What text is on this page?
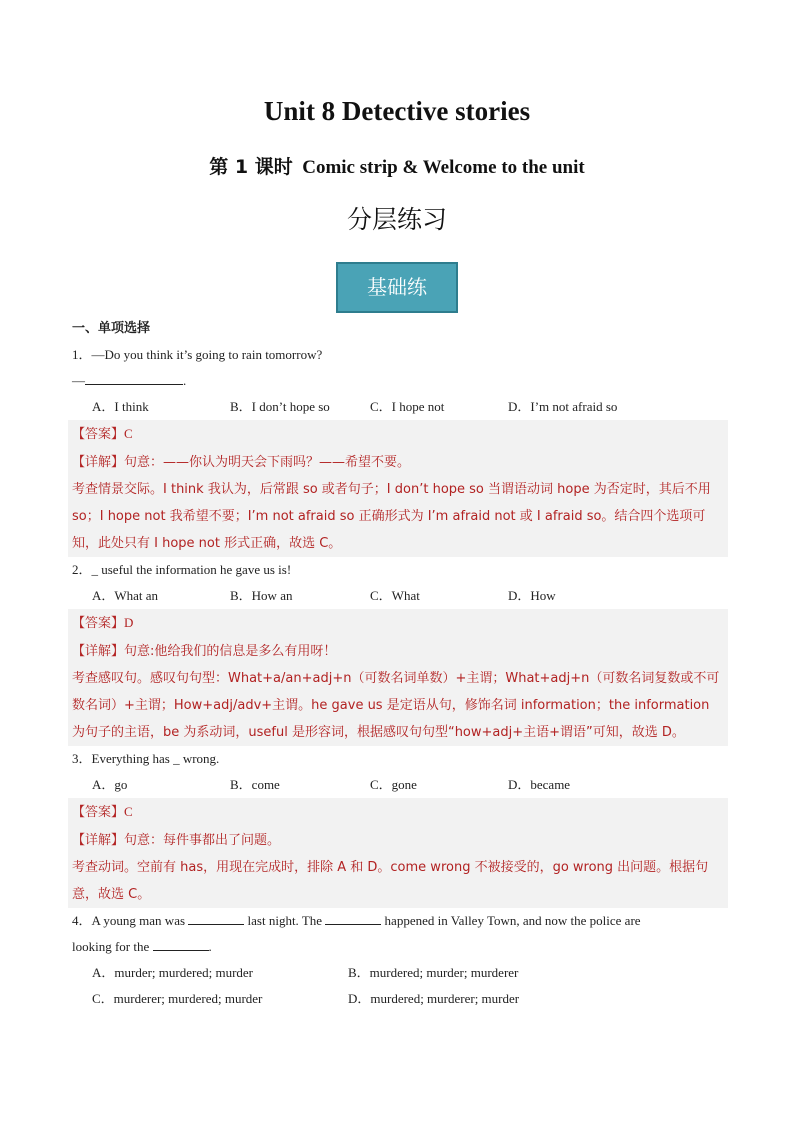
Unit 8 Detective stories
第 1 课时 Comic strip & Welcome to the unit
分层练习
基础练
一、单项选择
1．—Do you think it’s going to rain tomorrow?
—	.
A．I think	B．I don’t hope so	C．I hope not	D．I’m not afraid so
【答案】C
【详解】句意：——你认为明天会下雨吗？——希望不要。
考查情景交际。I think 我认为，后常跟 so 或者句子；I don’t hope so 当谓语动词 hope 为否定时，其后不用 so；I hope not 我希望不要；I’m not afraid so 正确形式为 I’m afraid not 或 I afraid so。结合四个选项可知，此处只有 I hope not 形式正确，故选 C。
2．_ useful the information he gave us is!
A．What an	B．How an	C．What	D．How
【答案】D
【详解】句意:他给我们的信息是多么有用呀！
考查感叹句。感叹句句型：What+a/an+adj+n（可数名词单数）+主谓；What+adj+n（可数名词复数或不可数名词）+主谓；How+adj/adv+主谓。he gave us 是定语从句，修饰名词 information；the information 为句子的主语，be 为系动词，useful 是形容词，根据感叹句句型“how+adj+主语+谓语”可知，故选 D。
3．Everything has _ wrong.
A．go	B．come	C．gone	D．became
【答案】C
【详解】句意：每件事都出了问题。
考查动词。空前有 has，用现在完成时，排除 A 和 D。come wrong 不被接受的，go wrong 出问题。根据句意，故选 C。
4．A young man was	last night. The	happened in Valley Town, and now the police are
looking for the	.
A．murder; murdered; murder	B．murdered; murder; murderer
C．murderer; murdered; murder	D．murdered; murderer; murder
